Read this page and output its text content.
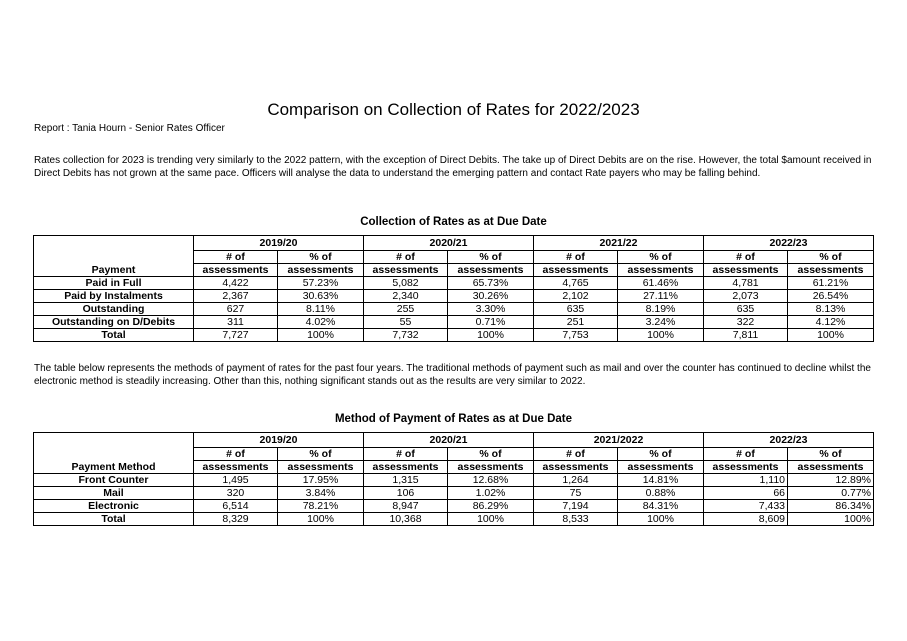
Comparison on Collection of Rates for 2022/2023
Report : Tania Hourn - Senior Rates Officer
Rates collection for 2023 is trending very similarly to the 2022 pattern, with the exception of Direct Debits. The take up of Direct Debits are on the rise. However, the total $amount received in Direct Debits has not grown at the same pace. Officers will analyse the data to understand the emerging pattern and contact Rate payers who may be falling behind.
Collection of Rates as at Due Date
	2019/20		2020/21		2021/22		2022/23	
	# of	% of	# of	% of	# of	% of	# of	% of
Payment	assessments	assessments	assessments	assessments	assessments	assessments	assessments	assessments
Paid in Full	4,422	57.23%	5,082	65.73%	4,765	61.46%	4,781	61.21%
Paid by Instalments	2,367	30.63%	2,340	30.26%	2,102	27.11%	2,073	26.54%
Outstanding	627	8.11%	255	3.30%	635	8.19%	635	8.13%
Outstanding on D/Debits	311	4.02%	55	0.71%	251	3.24%	322	4.12%
Total	7,727	100%	7,732	100%	7,753	100%	7,811	100%
The table below represents the methods of payment of rates for the past four years. The traditional methods of payment such as mail and over the counter has continued to decline whilst the electronic method is steadily increasing. Other than this, nothing significant stands out as the results are very similar to 2022.
Method of Payment of Rates as at Due Date
	2019/20		2020/21		2021/2022		2022/23	
	# of	% of	# of	% of	# of	% of	# of	% of
Payment Method	assessments	assessments	assessments	assessments	assessments	assessments	assessments	assessments
Front Counter	1,495	17.95%	1,315	12.68%	1,264	14.81%	1,110	12.89%
Mail	320	3.84%	106	1.02%	75	0.88%	66	0.77%
Electronic	6,514	78.21%	8,947	86.29%	7,194	84.31%	7,433	86.34%
Total	8,329	100%	10,368	100%	8,533	100%	8,609	100%
